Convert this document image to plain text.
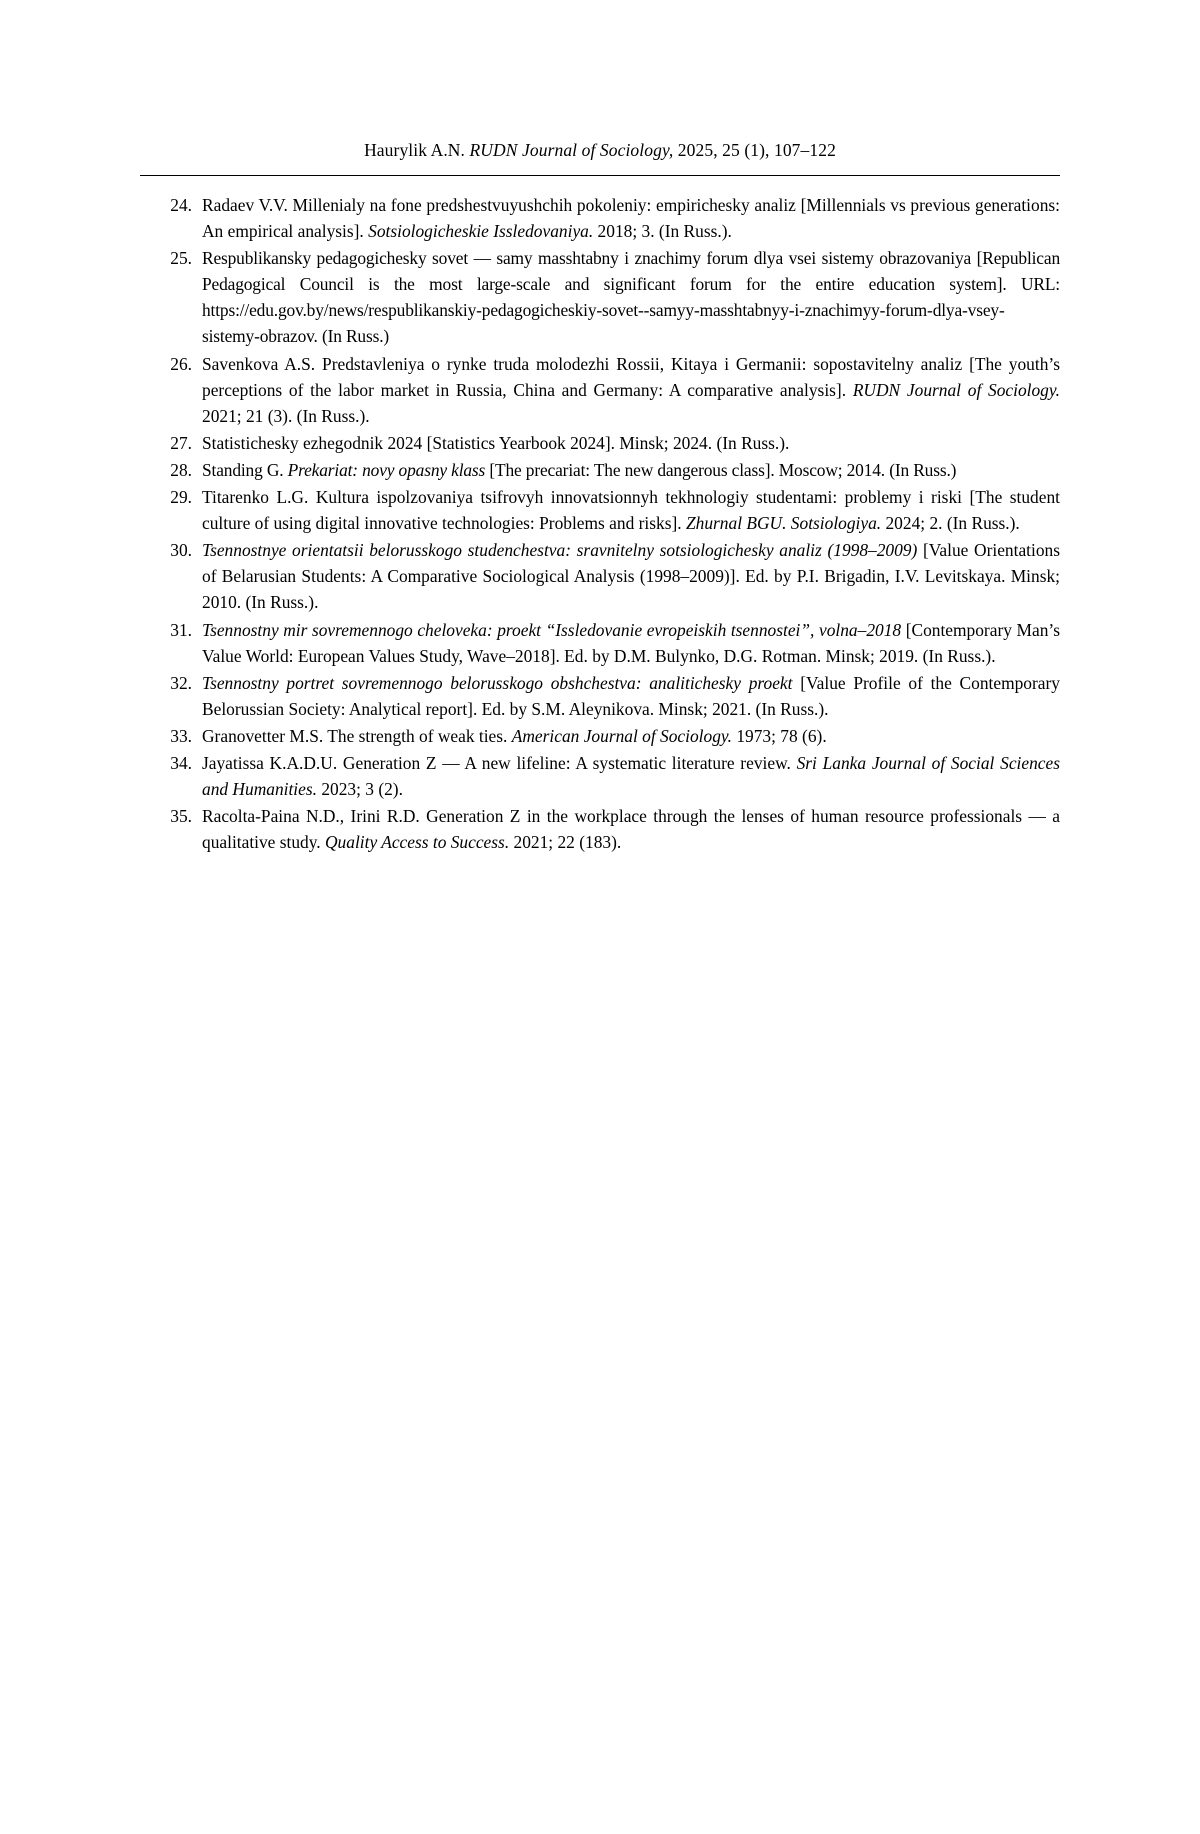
Haurylik A.N. RUDN Journal of Sociology, 2025, 25 (1), 107–122
24. Radaev V.V. Millenialy na fone predshestvuyushchih pokoleniy: empirichesky analiz [Millennials vs previous generations: An empirical analysis]. Sotsiologicheskie Issledovaniya. 2018; 3. (In Russ.).
25. Respublikansky pedagogichesky sovet — samy masshtabny i znachimy forum dlya vsei sistemy obrazovaniya [Republican Pedagogical Council is the most large-scale and significant forum for the entire education system]. URL: https://edu.gov.by/news/respublikanskiy-pedagogicheskiy-sovet--samyy-masshtabnyy-i-znachimyy-forum-dlya-vsey-sistemy-obrazov. (In Russ.)
26. Savenkova A.S. Predstavleniya o rynke truda molodezhi Rossii, Kitaya i Germanii: sopostavitelny analiz [The youth’s perceptions of the labor market in Russia, China and Germany: A comparative analysis]. RUDN Journal of Sociology. 2021; 21 (3). (In Russ.).
27. Statistichesky ezhegodnik 2024 [Statistics Yearbook 2024]. Minsk; 2024. (In Russ.).
28. Standing G. Prekariat: novy opasny klass [The precariat: The new dangerous class]. Moscow; 2014. (In Russ.)
29. Titarenko L.G. Kultura ispolzovaniya tsifrovyh innovatsionnyh tekhnologiy studentami: problemy i riski [The student culture of using digital innovative technologies: Problems and risks]. Zhurnal BGU. Sotsiologiya. 2024; 2. (In Russ.).
30. Tsennostnye orientatsii belorusskogo studenchestva: sravnitelny sotsiologichesky analiz (1998–2009) [Value Orientations of Belarusian Students: A Comparative Sociological Analysis (1998–2009)]. Ed. by P.I. Brigadin, I.V. Levitskaya. Minsk; 2010. (In Russ.).
31. Tsennostny mir sovremennogo cheloveka: proekt “Issledovanie evropeiskih tsennostei”, volna–2018 [Contemporary Man’s Value World: European Values Study, Wave–2018]. Ed. by D.M. Bulynko, D.G. Rotman. Minsk; 2019. (In Russ.).
32. Tsennostny portret sovremennogo belorusskogo obshchestva: analitichesky proekt [Value Profile of the Contemporary Belorussian Society: Analytical report]. Ed. by S.M. Aleynikova. Minsk; 2021. (In Russ.).
33. Granovetter M.S. The strength of weak ties. American Journal of Sociology. 1973; 78 (6).
34. Jayatissa K.A.D.U. Generation Z — A new lifeline: A systematic literature review. Sri Lanka Journal of Social Sciences and Humanities. 2023; 3 (2).
35. Racolta-Paina N.D., Irini R.D. Generation Z in the workplace through the lenses of human resource professionals — a qualitative study. Quality Access to Success. 2021; 22 (183).
